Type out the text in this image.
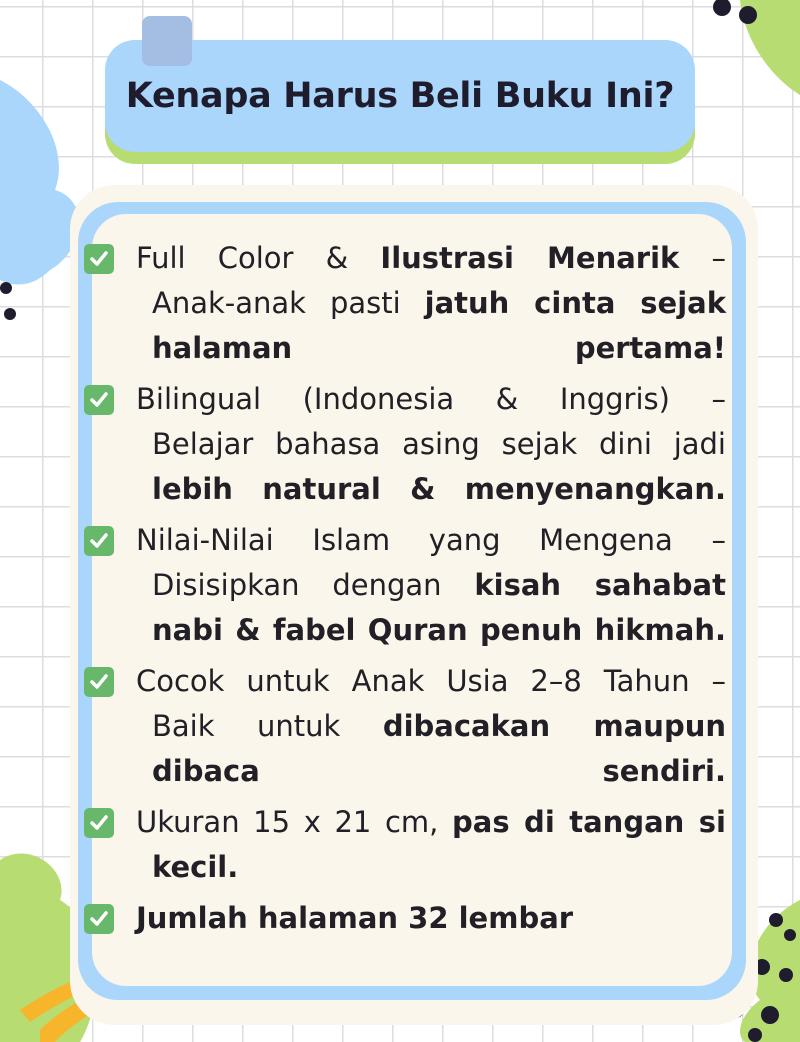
Kenapa Harus Beli Buku Ini?
Full Color & Ilustrasi Menarik –
Anak-anak pasti jatuh cinta sejak halaman pertama!
Bilingual (Indonesia & Inggris) –
Belajar bahasa asing sejak dini jadi lebih natural & menyenangkan.
Nilai-Nilai Islam yang Mengena –
Disisipkan dengan kisah sahabat nabi & fabel Quran penuh hikmah.
Cocok untuk Anak Usia 2–8 Tahun –
Baik untuk dibacakan maupun dibaca sendiri.
Ukuran 15 x 21 cm, pas di tangan si
kecil.
Jumlah halaman 32 lembar
